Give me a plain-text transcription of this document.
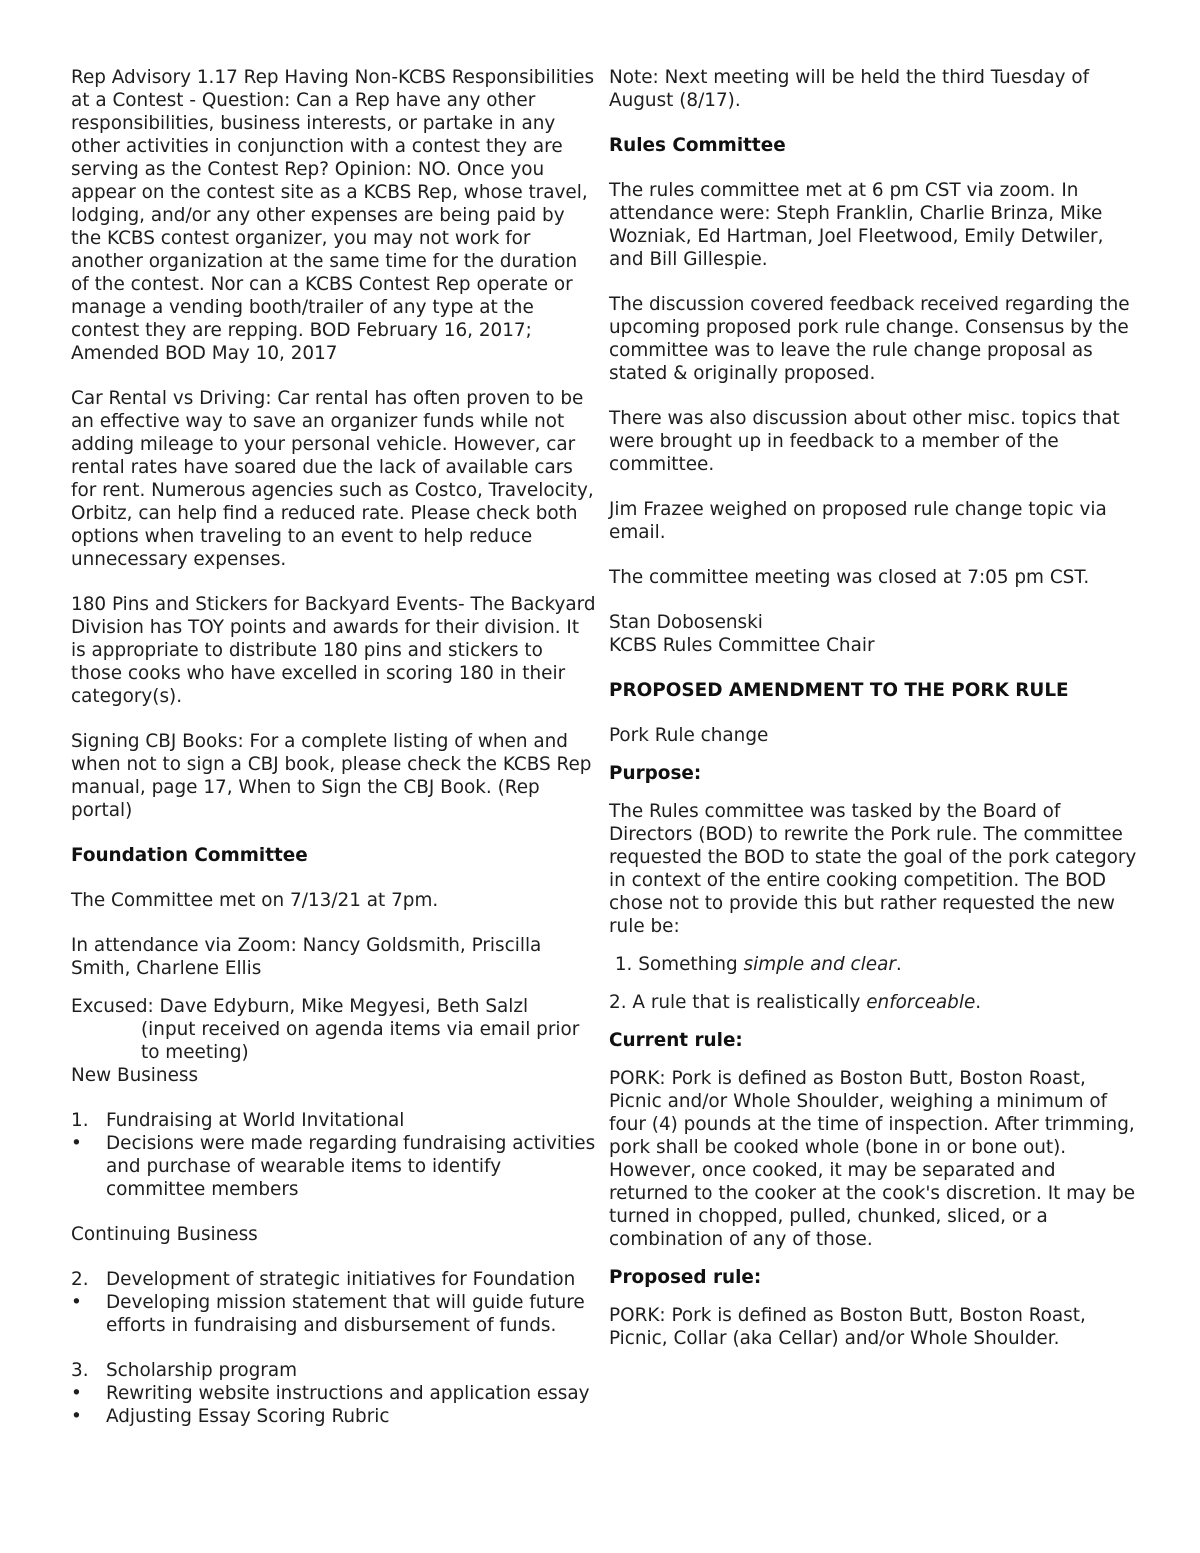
Rep Advisory 1.17 Rep Having Non-KCBS Responsibilities at a Contest - Question: Can a Rep have any other responsibilities, business interests, or partake in any other activities in conjunction with a contest they are serving as the Contest Rep? Opinion: NO. Once you appear on the contest site as a KCBS Rep, whose travel, lodging, and/or any other expenses are being paid by the KCBS contest organizer, you may not work for another organization at the same time for the duration of the contest. Nor can a KCBS Contest Rep operate or manage a vending booth/trailer of any type at the contest they are repping. BOD February 16, 2017; Amended BOD May 10, 2017

Car Rental vs Driving: Car rental has often proven to be an effective way to save an organizer funds while not adding mileage to your personal vehicle. However, car rental rates have soared due the lack of available cars for rent. Numerous agencies such as Costco, Travelocity, Orbitz, can help find a reduced rate. Please check both options when traveling to an event to help reduce unnecessary expenses.

180 Pins and Stickers for Backyard Events- The Backyard Division has TOY points and awards for their division. It is appropriate to distribute 180 pins and stickers to those cooks who have excelled in scoring 180 in their category(s).

Signing CBJ Books: For a complete listing of when and when not to sign a CBJ book, please check the KCBS Rep manual, page 17, When to Sign the CBJ Book. (Rep portal)

Foundation Committee

The Committee met on 7/13/21 at 7pm.

In attendance via Zoom: Nancy Goldsmith, Priscilla Smith, Charlene Ellis

Excused: Dave Edyburn, Mike Megyesi, Beth Salzl
(input received on agenda items via email prior to meeting)

New Business

1. Fundraising at World Invitational
•	Decisions were made regarding fundraising activities and purchase of wearable items to identify committee members

Continuing Business

2. Development of strategic initiatives for Foundation
•	Developing mission statement that will guide future efforts in fundraising and disbursement of funds.
3. Scholarship program
•	Rewriting website instructions and application essay
•	Adjusting Essay Scoring Rubric

Note: Next meeting will be held the third Tuesday of August (8/17).

Rules Committee

The rules committee met at 6 pm CST via zoom. In attendance were: Steph Franklin, Charlie Brinza, Mike Wozniak, Ed Hartman, Joel Fleetwood, Emily Detwiler, and Bill Gillespie.

The discussion covered feedback received regarding the upcoming proposed pork rule change. Consensus by the committee was to leave the rule change proposal as stated & originally proposed.

There was also discussion about other misc. topics that were brought up in feedback to a member of the committee.

Jim Frazee weighed on proposed rule change topic via email.

The committee meeting was closed at 7:05 pm CST.

Stan Dobosenski
KCBS Rules Committee Chair

PROPOSED AMENDMENT TO THE PORK RULE

Pork Rule change

Purpose:

The Rules committee was tasked by the Board of Directors (BOD) to rewrite the Pork rule. The committee requested the BOD to state the goal of the pork category in context of the entire cooking competition. The BOD chose not to provide this but rather requested the new rule be:

1. Something simple and clear.

2. A rule that is realistically enforceable.

Current rule:

PORK: Pork is defined as Boston Butt, Boston Roast, Picnic and/or Whole Shoulder, weighing a minimum of four (4) pounds at the time of inspection. After trimming, pork shall be cooked whole (bone in or bone out). However, once cooked, it may be separated and returned to the cooker at the cook's discretion. It may be turned in chopped, pulled, chunked, sliced, or a combination of any of those.

Proposed rule:

PORK: Pork is defined as Boston Butt, Boston Roast, Picnic, Collar (aka Cellar) and/or Whole Shoulder.
